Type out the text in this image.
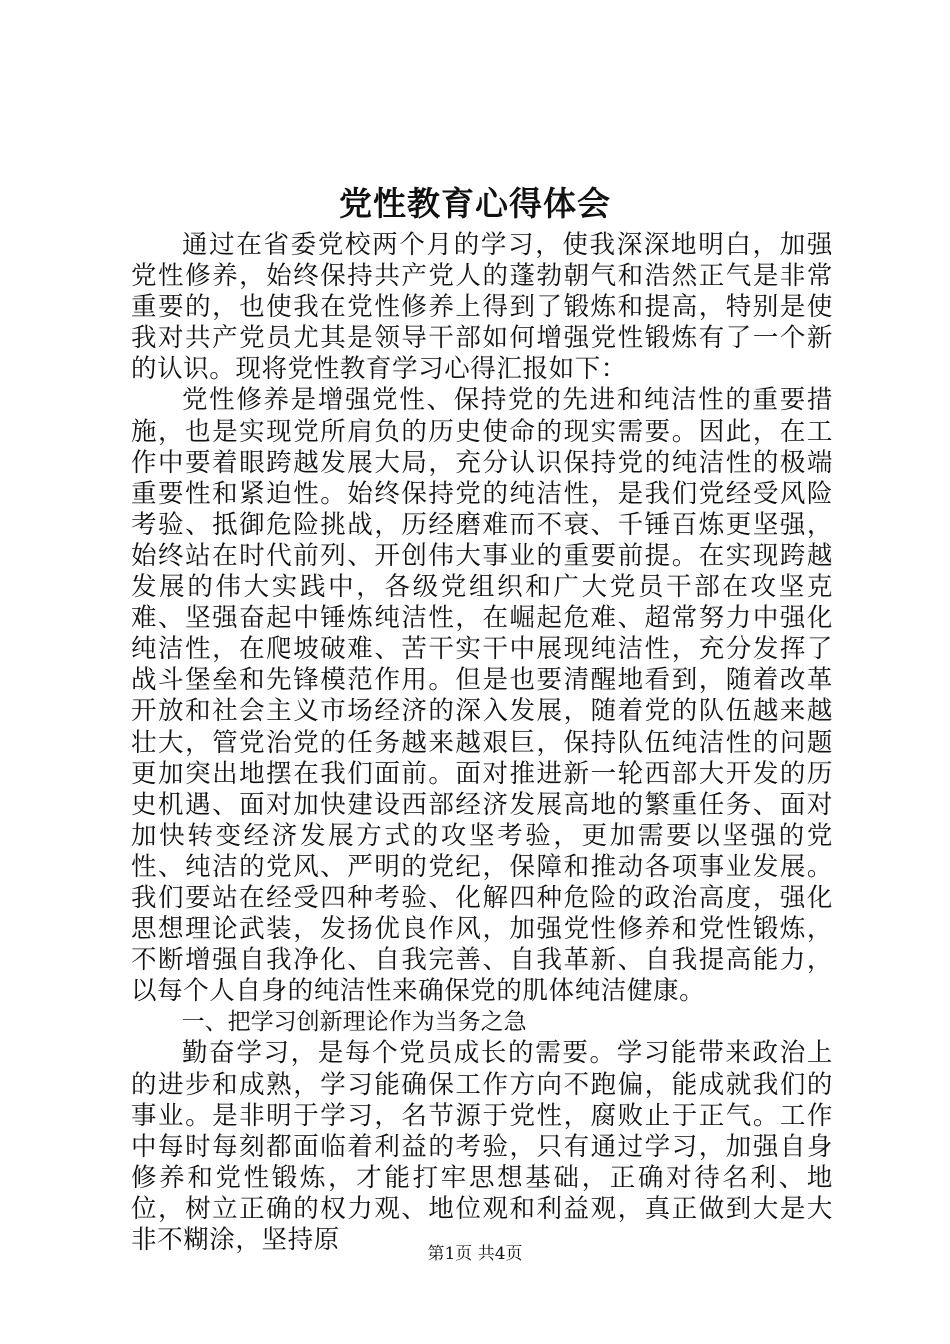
党性教育心得体会

通过在省委党校两个月的学习，使我深深地明白，加强党性修养，始终保持共产党人的蓬勃朝气和浩然正气是非常重要的，也使我在党性修养上得到了锻炼和提高，特别是使我对共产党员尤其是领导干部如何增强党性锻炼有了一个新的认识。现将党性教育学习心得汇报如下：

党性修养是增强党性、保持党的先进和纯洁性的重要措施，也是实现党所肩负的历史使命的现实需要。因此，在工作中要着眼跨越发展大局，充分认识保持党的纯洁性的极端重要性和紧迫性。始终保持党的纯洁性，是我们党经受风险考验、抵御危险挑战，历经磨难而不衰、千锤百炼更坚强，始终站在时代前列、开创伟大事业的重要前提。在实现跨越发展的伟大实践中，各级党组织和广大党员干部在攻坚克难、坚强奋起中锤炼纯洁性，在崛起危难、超常努力中强化纯洁性，在爬坡破难、苦干实干中展现纯洁性，充分发挥了战斗堡垒和先锋模范作用。但是也要清醒地看到，随着改革开放和社会主义市场经济的深入发展，随着党的队伍越来越壮大，管党治党的任务越来越艰巨，保持队伍纯洁性的问题更加突出地摆在我们面前。面对推进新一轮西部大开发的历史机遇、面对加快建设西部经济发展高地的繁重任务、面对加快转变经济发展方式的攻坚考验，更加需要以坚强的党性、纯洁的党风、严明的党纪，保障和推动各项事业发展。我们要站在经受四种考验、化解四种危险的政治高度，强化思想理论武装，发扬优良作风，加强党性修养和党性锻炼，不断增强自我净化、自我完善、自我革新、自我提高能力，以每个人自身的纯洁性来确保党的肌体纯洁健康。

一、把学习创新理论作为当务之急

勤奋学习，是每个党员成长的需要。学习能带来政治上的进步和成熟，学习能确保工作方向不跑偏，能成就我们的事业。是非明于学习，名节源于党性，腐败止于正气。工作中每时每刻都面临着利益的考验，只有通过学习，加强自身修养和党性锻炼，才能打牢思想基础，正确对待名利、地位，树立正确的权力观、地位观和利益观，真正做到大是大非不糊涂，坚持原	第1页 共4页
